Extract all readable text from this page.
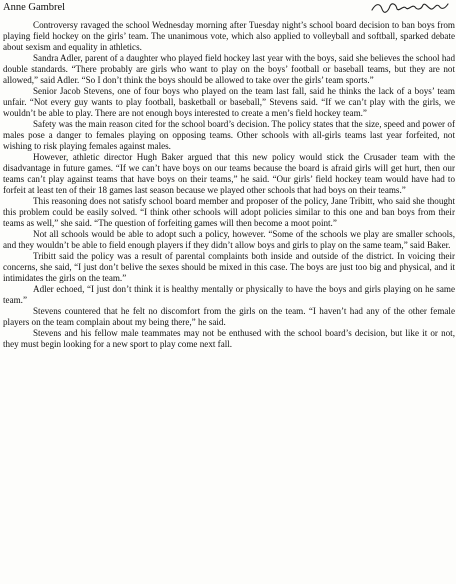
Anne Gambrel

Controversy ravaged the school Wednesday morning after Tuesday night’s school board decision to ban boys from playing field hockey on the girls’ team. The unanimous vote, which also applied to volleyball and softball, sparked debate about sexism and equality in athletics.

Sandra Adler, parent of a daughter who played field hockey last year with the boys, said she believes the school had double standards. “There probably are girls who want to play on the boys’ football or baseball teams, but they are not allowed,” said Adler. “So I don’t think the boys should be allowed to take over the girls’ team sports.”

Senior Jacob Stevens, one of four boys who played on the team last fall, said he thinks the lack of a boys’ team unfair. “Not every guy wants to play football, basketball or baseball,” Stevens said. “If we can’t play with the girls, we wouldn’t be able to play. There are not enough boys interested to create a men’s field hockey team.”

Safety was the main reason cited for the school board’s decision. The policy states that the size, speed and power of males pose a danger to females playing on opposing teams. Other schools with all-girls teams last year forfeited, not wishing to risk playing females against males.

However, athletic director Hugh Baker argued that this new policy would stick the Crusader team with the disadvantage in future games. “If we can’t have boys on our teams because the board is afraid girls will get hurt, then our teams can’t play against teams that have boys on their teams,” he said. “Our girls’ field hockey team would have had to forfeit at least ten of their 18 games last season because we played other schools that had boys on their teams.”

This reasoning does not satisfy school board member and proposer of the policy, Jane Tribitt, who said she thought this problem could be easily solved. “I think other schools will adopt policies similar to this one and ban boys from their teams as well,” she said. “The question of forfeiting games will then become a moot point.”

Not all schools would be able to adopt such a policy, however. “Some of the schools we play are smaller schools, and they wouldn’t be able to field enough players if they didn’t allow boys and girls to play on the same team,” said Baker.

Tribitt said the policy was a result of parental complaints both inside and outside of the district. In voicing their concerns, she said, “I just don’t belive the sexes should be mixed in this case. The boys are just too big and physical, and it intimidates the girls on the team.”

Adler echoed, “I just don’t think it is healthy mentally or physically to have the boys and girls playing on he same team.”

Stevens countered that he felt no discomfort from the girls on the team. “I haven’t had any of the other female players on the team complain about my being there,” he said.

Stevens and his fellow male teammates may not be enthused with the school board’s decision, but like it or not, they must begin looking for a new sport to play come next fall.
